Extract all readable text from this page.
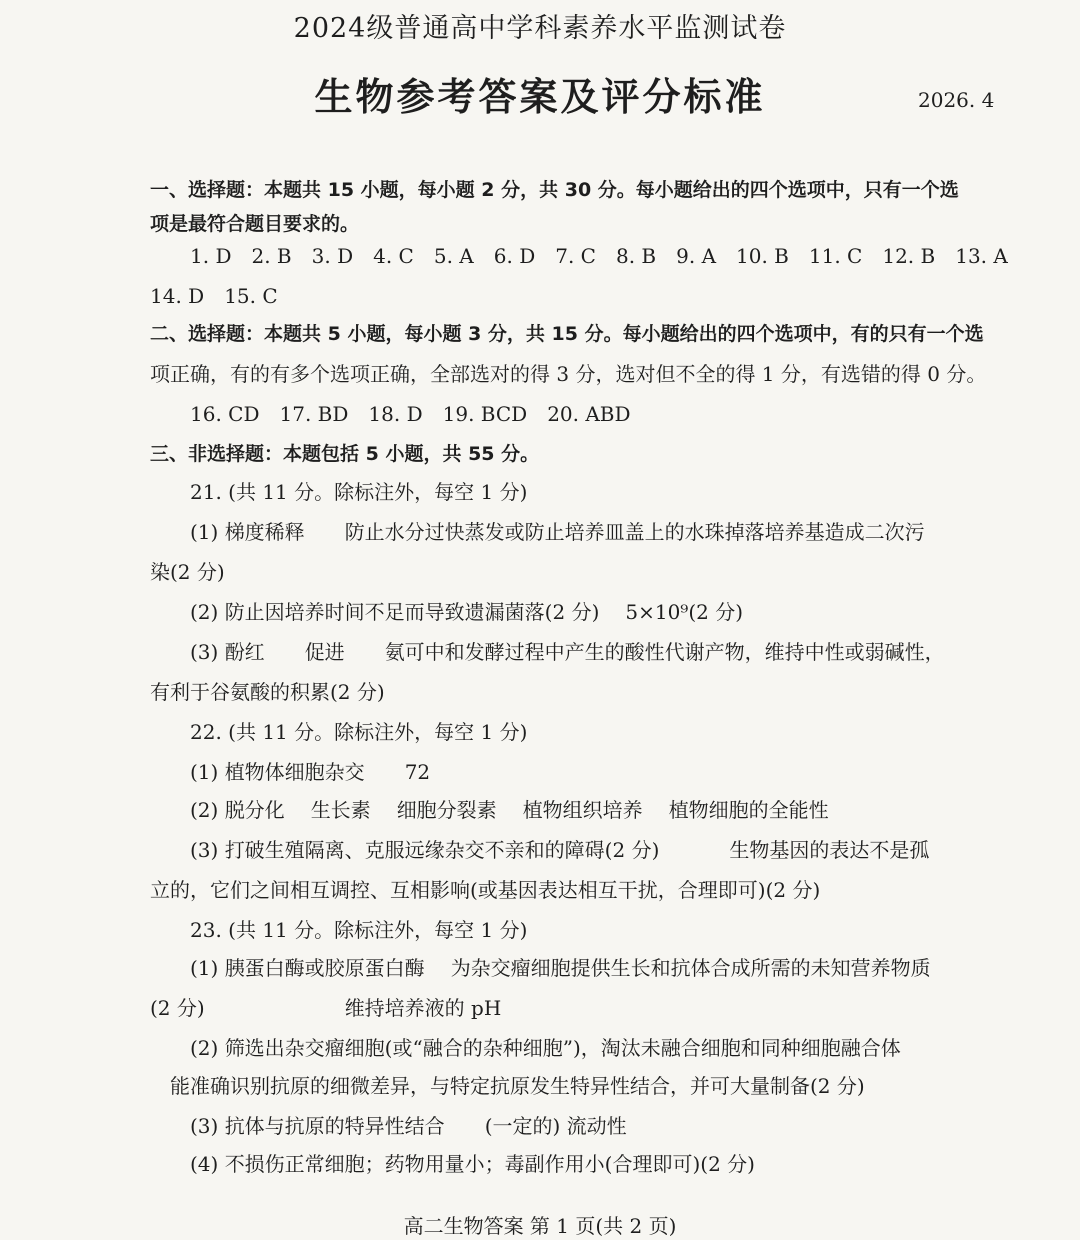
2024级普通高中学科素养水平监测试卷
生物参考答案及评分标准	2026. 4
一、选择题：本题共 15 小题，每小题 2 分，共 30 分。每小题给出的四个选项中，只有一个选
项是最符合题目要求的。
1. D 2. B 3. D 4. C 5. A 6. D 7. C 8. B 9. A 10. B 11. C 12. B 13. A
14. D 15. C
二、选择题：本题共 5 小题，每小题 3 分，共 15 分。每小题给出的四个选项中，有的只有一个选
项正确，有的有多个选项正确，全部选对的得 3 分，选对但不全的得 1 分，有选错的得 0 分。
16. CD 17. BD 18. D 19. BCD 20. ABD
三、非选择题：本题包括 5 小题，共 55 分。
21. (共 11 分。除标注外，每空 1 分)
(1) 梯度稀释 防止水分过快蒸发或防止培养皿盖上的水珠掉落培养基造成二次污
染(2 分)
(2) 防止因培养时间不足而导致遗漏菌落(2 分) 5×10⁹(2 分)
(3) 酚红 促进 氨可中和发酵过程中产生的酸性代谢产物，维持中性或弱碱性，
有利于谷氨酸的积累(2 分)
22. (共 11 分。除标注外，每空 1 分)
(1) 植物体细胞杂交 72
(2) 脱分化 生长素 细胞分裂素 植物组织培养 植物细胞的全能性
(3) 打破生殖隔离、克服远缘杂交不亲和的障碍(2 分)	生物基因的表达不是孤
立的，它们之间相互调控、互相影响(或基因表达相互干扰，合理即可)(2 分)
23. (共 11 分。除标注外，每空 1 分)
(1) 胰蛋白酶或胶原蛋白酶 为杂交瘤细胞提供生长和抗体合成所需的未知营养物质
(2 分)	维持培养液的 pH
(2) 筛选出杂交瘤细胞(或“融合的杂种细胞”)，淘汰未融合细胞和同种细胞融合体
能准确识别抗原的细微差异，与特定抗原发生特异性结合，并可大量制备(2 分)
(3) 抗体与抗原的特异性结合 (一定的) 流动性
(4) 不损伤正常细胞；药物用量小；毒副作用小(合理即可)(2 分)
高二生物答案 第 1 页(共 2 页)
